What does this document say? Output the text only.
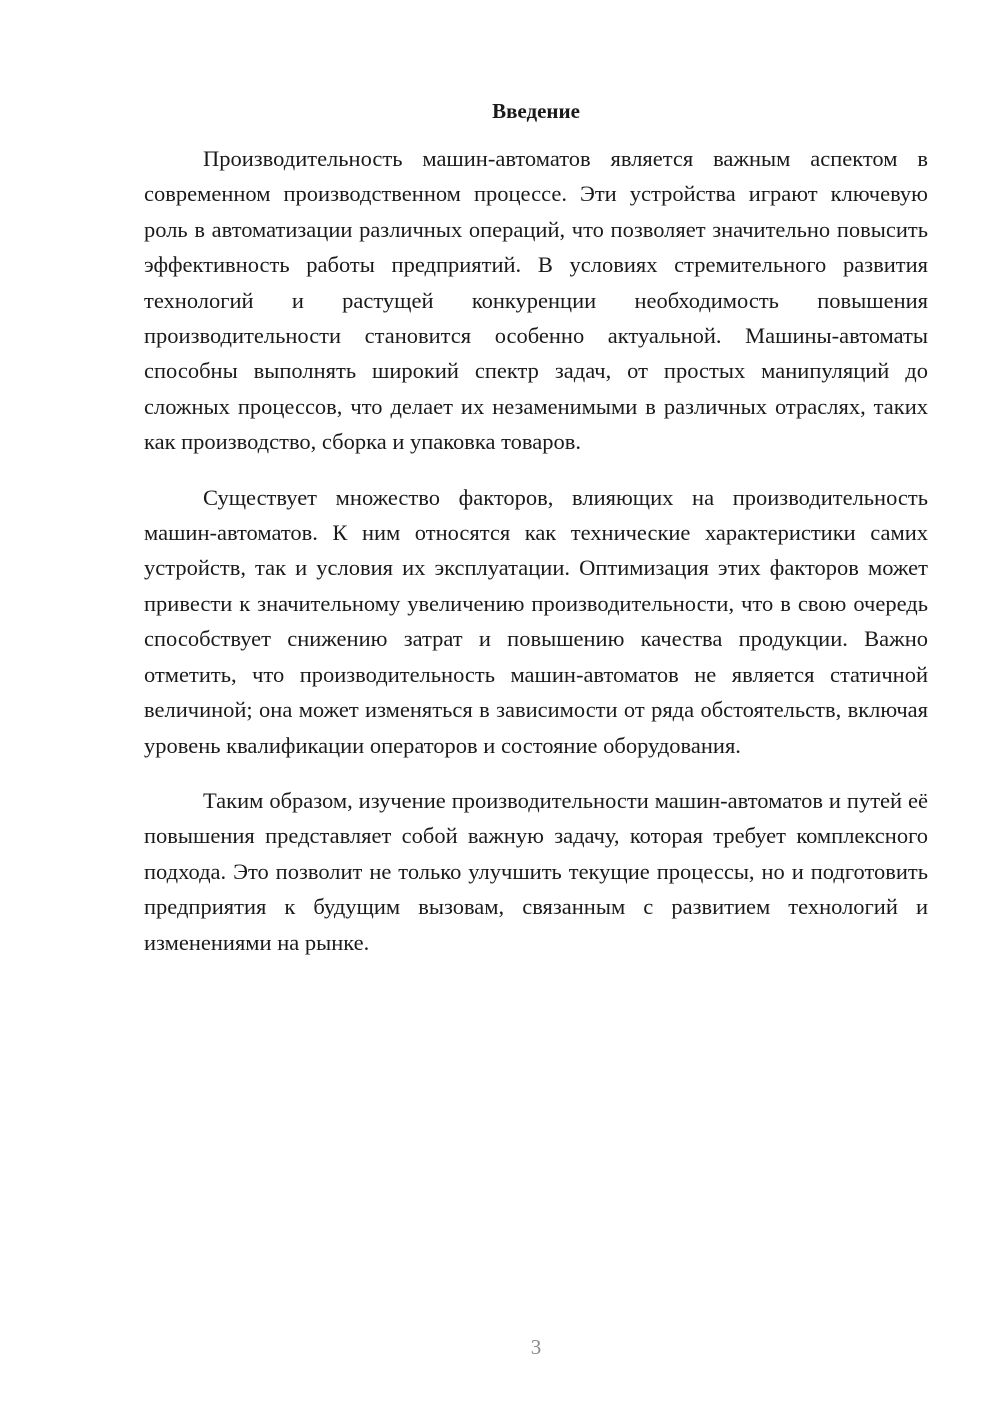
Введение

Производительность машин-автоматов является важным аспектом в современном производственном процессе. Эти устройства играют ключевую роль в автоматизации различных операций, что позволяет значительно повысить эффективность работы предприятий. В условиях стремительного развития технологий и растущей конкуренции необходимость повышения производительности становится особенно актуальной. Машины-автоматы способны выполнять широкий спектр задач, от простых манипуляций до сложных процессов, что делает их незаменимыми в различных отраслях, таких как производство, сборка и упаковка товаров.

Существует множество факторов, влияющих на производительность машин-автоматов. К ним относятся как технические характеристики самих устройств, так и условия их эксплуатации. Оптимизация этих факторов может привести к значительному увеличению производительности, что в свою очередь способствует снижению затрат и повышению качества продукции. Важно отметить, что производительность машин-автоматов не является статичной величиной; она может изменяться в зависимости от ряда обстоятельств, включая уровень квалификации операторов и состояние оборудования.

Таким образом, изучение производительности машин-автоматов и путей её повышения представляет собой важную задачу, которая требует комплексного подхода. Это позволит не только улучшить текущие процессы, но и подготовить предприятия к будущим вызовам, связанным с развитием технологий и изменениями на рынке.

3
